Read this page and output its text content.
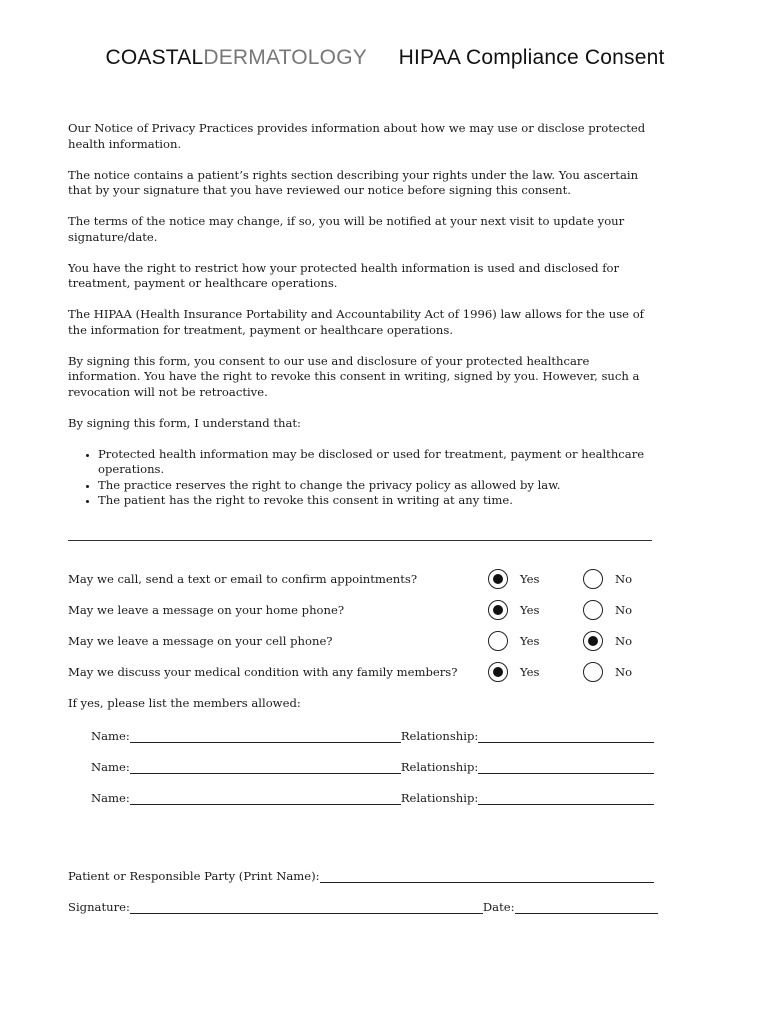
COASTALDERMATOLOGY HIPAA Compliance Consent

Our Notice of Privacy Practices provides information about how we may use or disclose protected health information.

The notice contains a patient’s rights section describing your rights under the law. You ascertain that by your signature that you have reviewed our notice before signing this consent.

The terms of the notice may change, if so, you will be notified at your next visit to update your signature/date.

You have the right to restrict how your protected health information is used and disclosed for treatment, payment or healthcare operations.

The HIPAA (Health Insurance Portability and Accountability Act of 1996) law allows for the use of the information for treatment, payment or healthcare operations.

By signing this form, you consent to our use and disclosure of your protected healthcare information. You have the right to revoke this consent in writing, signed by you. However, such a revocation will not be retroactive.

By signing this form, I understand that:

• Protected health information may be disclosed or used for treatment, payment or healthcare operations.
• The practice reserves the right to change the privacy policy as allowed by law.
• The patient has the right to revoke this consent in writing at any time.
May we call, send a text or email to confirm appointments?	Yes	No
May we leave a message on your home phone?	Yes	No
May we leave a message on your cell phone?	Yes	No
May we discuss your medical condition with any family members?	Yes	No
If yes, please list the members allowed:
Name:	Relationship:
Name:	Relationship:
Name:	Relationship:
Patient or Responsible Party (Print Name):
Signature:	Date:
